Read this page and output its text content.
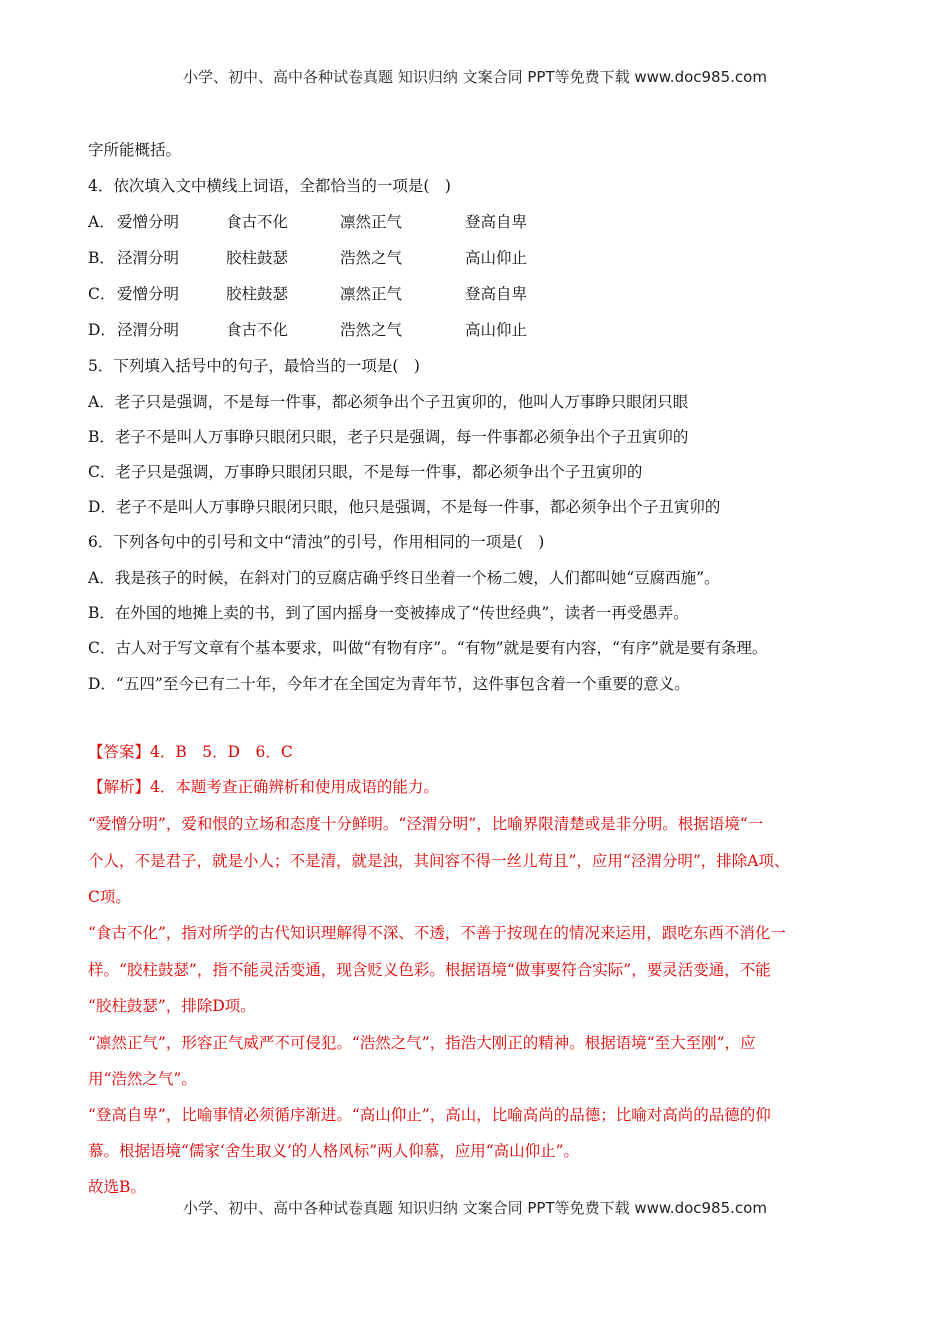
小学、初中、高中各种试卷真题 知识归纳 文案合同 PPT等免费下载 www.doc985.com
字所能概括。
4．依次填入文中横线上词语，全都恰当的一项是(　)
A． 爱憎分明	食古不化	凛然正气	登高自卑
B． 泾渭分明	胶柱鼓瑟	浩然之气	高山仰止
C． 爱憎分明	胶柱鼓瑟	凛然正气	登高自卑
D． 泾渭分明	食古不化	浩然之气	高山仰止
5．下列填入括号中的句子，最恰当的一项是(　)
A．老子只是强调，不是每一件事，都必须争出个子丑寅卯的，他叫人万事睁只眼闭只眼
B．老子不是叫人万事睁只眼闭只眼，老子只是强调，每一件事都必须争出个子丑寅卯的
C．老子只是强调，万事睁只眼闭只眼，不是每一件事，都必须争出个子丑寅卯的
D．老子不是叫人万事睁只眼闭只眼，他只是强调，不是每一件事，都必须争出个子丑寅卯的
6．下列各句中的引号和文中“清浊”的引号，作用相同的一项是(　)
A．我是孩子的时候，在斜对门的豆腐店确乎终日坐着一个杨二嫂，人们都叫她“豆腐西施”。
B．在外国的地摊上卖的书，到了国内摇身一变被捧成了“传世经典”，读者一再受愚弄。
C．古人对于写文章有个基本要求，叫做“有物有序”。“有物”就是要有内容，“有序”就是要有条理。
D．“五四”至今已有二十年，今年才在全国定为青年节，这件事包含着一个重要的意义。
【答案】4．B　5．D　6．C
【解析】4．本题考查正确辨析和使用成语的能力。
“爱憎分明”，爱和恨的立场和态度十分鲜明。“泾渭分明”，比喻界限清楚或是非分明。根据语境“一
个人，不是君子，就是小人；不是清，就是浊，其间容不得一丝儿苟且”，应用“泾渭分明”，排除A项、
C项。
“食古不化”，指对所学的古代知识理解得不深、不透，不善于按现在的情况来运用，跟吃东西不消化一
样。“胶柱鼓瑟”，指不能灵活变通，现含贬义色彩。根据语境“做事要符合实际”，要灵活变通，不能
“胶柱鼓瑟”，排除D项。
“凛然正气”，形容正气威严不可侵犯。“浩然之气”，指浩大刚正的精神。根据语境“至大至刚”，应
用“浩然之气”。
“登高自卑”，比喻事情必须循序渐进。“高山仰止”，高山，比喻高尚的品德；比喻对高尚的品德的仰
慕。根据语境“儒家‘舍生取义’的人格风标”两人仰慕，应用“高山仰止”。
故选B。
小学、初中、高中各种试卷真题 知识归纳 文案合同 PPT等免费下载 www.doc985.com
